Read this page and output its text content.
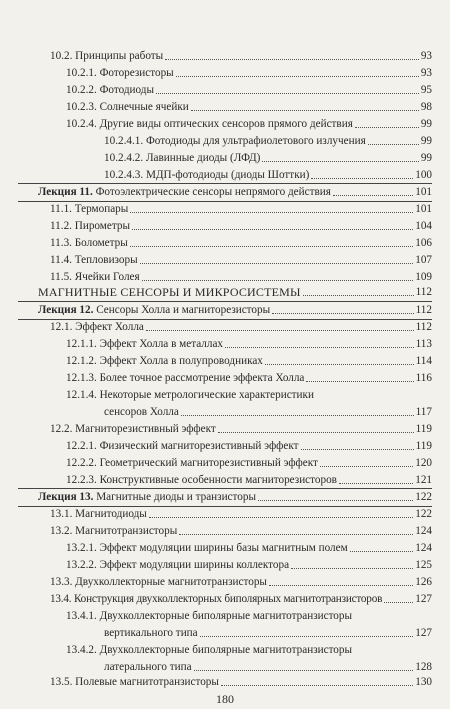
10.2. Принципы работы	93
10.2.1. Фоторезисторы	93
10.2.2. Фотодиоды	95
10.2.3. Солнечные ячейки	98
10.2.4. Другие виды оптических сенсоров прямого действия	99
10.2.4.1. Фотодиоды для ультрафиолетового излучения	99
10.2.4.2. Лавинные диоды (ЛФД)	99
10.2.4.3. МДП-фотодиоды (диоды Шоттки)	100
Лекция 11. Фотоэлектрические сенсоры непрямого действия	101
11.1. Термопары	101
11.2. Пирометры	104
11.3. Болометры	106
11.4. Тепловизоры	107
11.5. Ячейки Голея	109
МАГНИТНЫЕ СЕНСОРЫ И МИКРОСИСТЕМЫ	112
Лекция 12. Сенсоры Холла и магниторезисторы	112
12.1. Эффект Холла	112
12.1.1. Эффект Холла в металлах	113
12.1.2. Эффект Холла в полупроводниках	114
12.1.3. Более точное рассмотрение эффекта Холла	116
12.1.4. Некоторые метрологические характеристики
сенсоров Холла	117
12.2. Магниторезистивный эффект	119
12.2.1. Физический магниторезистивный эффект	119
12.2.2. Геометрический магниторезистивный эффект	120
12.2.3. Конструктивные особенности магниторезисторов	121
Лекция 13. Магнитные диоды и транзисторы	122
13.1. Магнитодиоды	122
13.2. Магнитотранзисторы	124
13.2.1. Эффект модуляции ширины базы магнитным полем	124
13.2.2. Эффект модуляции ширины коллектора	125
13.3. Двухколлекторные магнитотранзисторы	126
13.4. Конструкция двухколлекторных биполярных магнитотранзисторов	127
13.4.1. Двухколлекторные биполярные магнитотранзисторы
вертикального типа	127
13.4.2. Двухколлекторные биполярные магнитотранзисторы
латерального типа	128
13.5. Полевые магнитотранзисторы	130
180
